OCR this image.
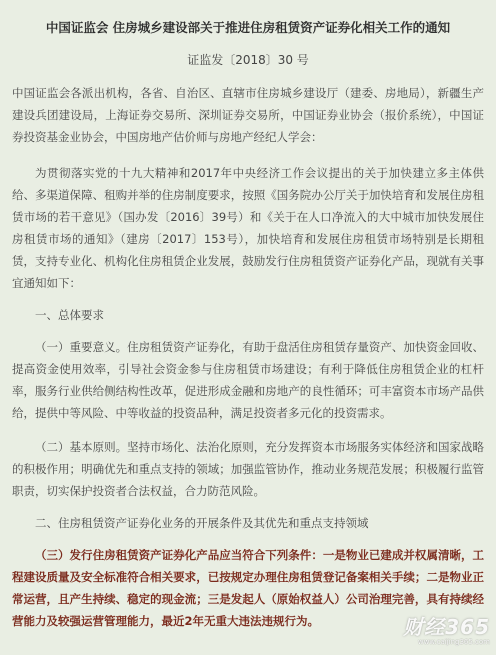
中国证监会 住房城乡建设部关于推进住房租赁资产证券化相关工作的通知
证监发〔2018〕30 号

中国证监会各派出机构，各省、自治区、直辖市住房城乡建设厅（建委、房地局），新疆生产建设兵团建设局，上海证券交易所、深圳证券交易所，中国证券业协会（报价系统），中国证券投资基金业协会，中国房地产估价师与房地产经纪人学会：

为贯彻落实党的十九大精神和2017年中央经济工作会议提出的关于加快建立多主体供给、多渠道保障、租购并举的住房制度要求，按照《国务院办公厅关于加快培育和发展住房租赁市场的若干意见》（国办发〔2016〕39号）和《关于在人口净流入的大中城市加快发展住房租赁市场的通知》（建房〔2017〕153号），加快培育和发展住房租赁市场特别是长期租赁，支持专业化、机构化住房租赁企业发展，鼓励发行住房租赁资产证券化产品，现就有关事宜通知如下：

一、总体要求

（一）重要意义。住房租赁资产证券化，有助于盘活住房租赁存量资产、加快资金回收、提高资金使用效率，引导社会资金参与住房租赁市场建设；有利于降低住房租赁企业的杠杆率，服务行业供给侧结构性改革，促进形成金融和房地产的良性循环；可丰富资本市场产品供给，提供中等风险、中等收益的投资品种，满足投资者多元化的投资需求。

（二）基本原则。坚持市场化、法治化原则，充分发挥资本市场服务实体经济和国家战略的积极作用；明确优先和重点支持的领域；加强监管协作，推动业务规范发展；积极履行监管职责，切实保护投资者合法权益，合力防范风险。

二、住房租赁资产证券化业务的开展条件及其优先和重点支持领域

（三）发行住房租赁资产证券化产品应当符合下列条件：一是物业已建成并权属清晰，工程建设质量及安全标准符合相关要求，已按规定办理住房租赁登记备案相关手续；二是物业正常运营，且产生持续、稳定的现金流；三是发起人（原始权益人）公司治理完善，具有持续经营能力及较强运营管理能力，最近2年无重大违法违规行为。	财经365
www.caijing365.com
